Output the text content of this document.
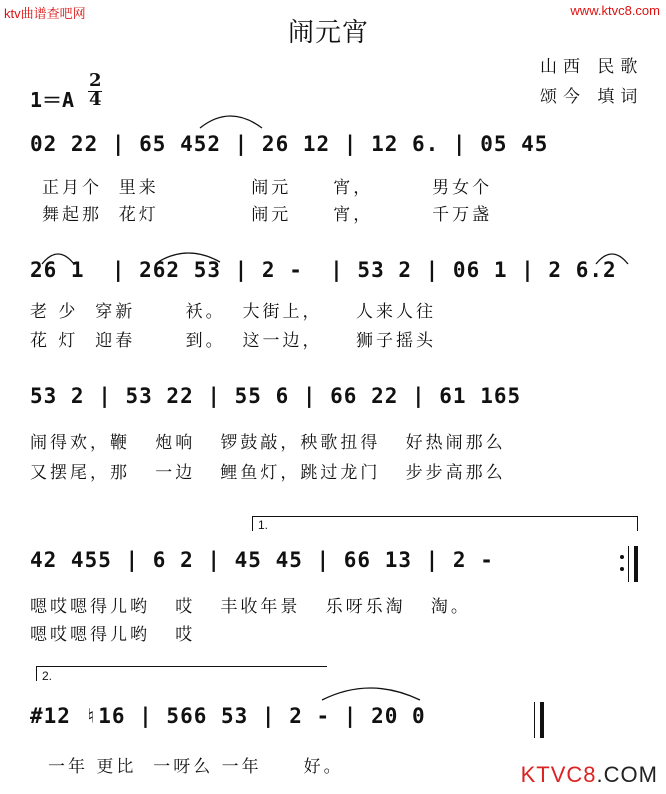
ktv曲谱查吧网	www.ktvc8.com
闹元宵
山西 民歌
颂今 填词
1＝A
2
4
02 22 | 65 452 | 26 12 | 12 6. | 05 45
正月个  里来           闹元     宵，       男女个
舞起那  花灯           闹元     宵，       千万盏
26 1  | 262 53 | 2 -  | 53 2 | 06 1 | 2 6.2
老 少  穿新      袄。  大街上，    人来人往
花 灯  迎春      到。  这一边，    狮子摇头
53 2 | 53 22 | 55 6 | 66 22 | 61 165
闹得欢，鞭   炮响   锣鼓敲，秧歌扭得   好热闹那么
又摆尾，那   一边   鲤鱼灯，跳过龙门   步步高那么
1.
42 455 | 6 2 | 45 45 | 66 13 | 2 -
嗯哎嗯得儿哟   哎   丰收年景   乐呀乐淘   淘。
嗯哎嗯得儿哟   哎
2.
#12 ♮16 | 566 53 | 2 - | 20 0
一年 更比  一呀么 一年     好。	KTVC8.COM
